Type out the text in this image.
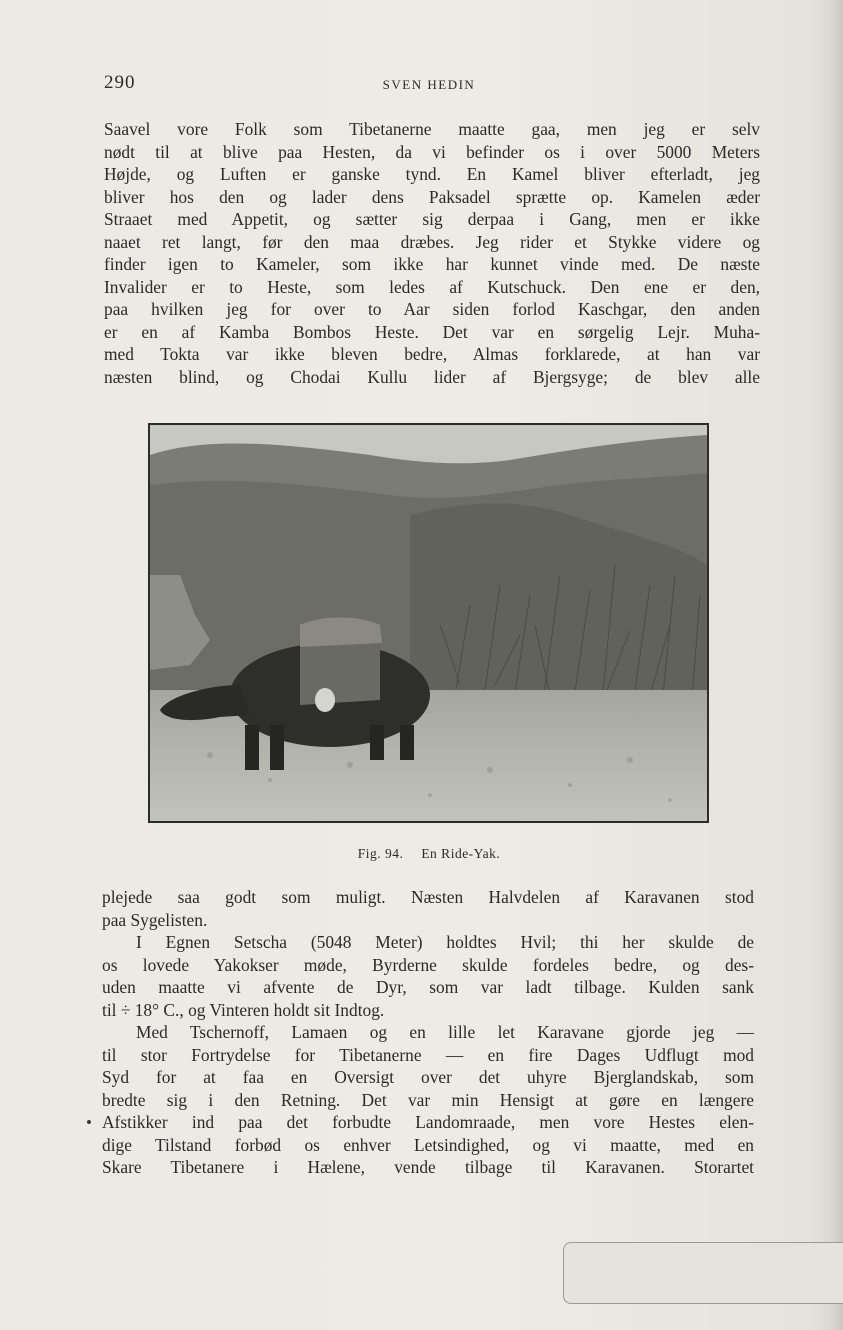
290	SVEN HEDIN
Saavel vore Folk som Tibetanerne maatte gaa, men jeg er selv
nødt til at blive paa Hesten, da vi befinder os i over 5000 Meters
Højde, og Luften er ganske tynd. En Kamel bliver efterladt, jeg
bliver hos den og lader dens Paksadel sprætte op. Kamelen æder
Straaet med Appetit, og sætter sig derpaa i Gang, men er ikke
naaet ret langt, før den maa dræbes. Jeg rider et Stykke videre og
finder igen to Kameler, som ikke har kunnet vinde med. De næste
Invalider er to Heste, som ledes af Kutschuck. Den ene er den,
paa hvilken jeg for over to Aar siden forlod Kaschgar, den anden
er en af Kamba Bombos Heste. Det var en sørgelig Lejr. Muha-
med Tokta var ikke bleven bedre, Almas forklarede, at han var
næsten blind, og Chodai Kullu lider af Bjergsyge; de blev alle
Fig. 94. En Ride-Yak.
plejede saa godt som muligt. Næsten Halvdelen af Karavanen stod
paa Sygelisten.
I Egnen Setscha (5048 Meter) holdtes Hvil; thi her skulde de
os lovede Yakokser møde, Byrderne skulde fordeles bedre, og des-
uden maatte vi afvente de Dyr, som var ladt tilbage. Kulden sank
til ÷ 18° C., og Vinteren holdt sit Indtog.
Med Tschernoff, Lamaen og en lille let Karavane gjorde jeg —
til stor Fortrydelse for Tibetanerne — en fire Dages Udflugt mod
Syd for at faa en Oversigt over det uhyre Bjerglandskab, som
bredte sig i den Retning. Det var min Hensigt at gøre en længere
Afstikker ind paa det forbudte Landomraade, men vore Hestes elen-
dige Tilstand forbød os enhver Letsindighed, og vi maatte, med en
Skare Tibetanere i Hælene, vende tilbage til Karavanen. Storartet
